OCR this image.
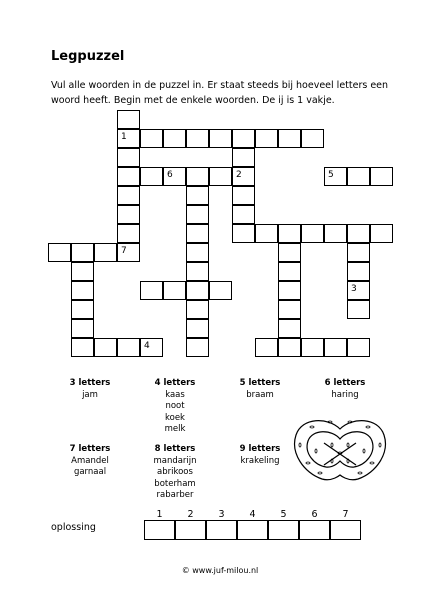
Legpuzzel
Vul alle woorden in de puzzel in. Er staat steeds bij hoeveel letters een woord heeft. Begin met de enkele woorden. De ij is 1 vakje.
1
2
3
4
5
6
7
3 letters
jam
4 letters
kaas
noot
koek
melk
5 letters
braam
6 letters
haring
7 letters
Amandel
garnaal
8 letters
mandarijn
abrikoos
boterham
rabarber
9 letters
krakeling
oplossing
1	2	3	4	5	6	7
© www.juf-milou.nl
